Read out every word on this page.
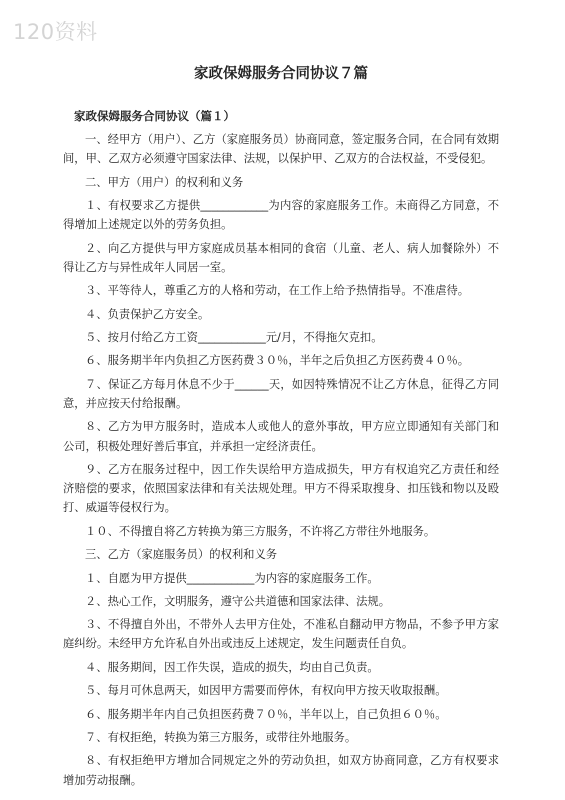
120资料
家政保姆服务合同协议７篇
家政保姆服务合同协议（篇１）

一、经甲方（用户）、乙方（家庭服务员）协商同意，签定服务合同，在合同有效期间，甲、乙双方必须遵守国家法律、法规，以保护甲、乙双方的合法权益，不受侵犯。

二、甲方（用户）的权利和义务

１、有权要求乙方提供____________为内容的家庭服务工作。未商得乙方同意，不得增加上述规定以外的劳务负担。

２、向乙方提供与甲方家庭成员基本相同的食宿（儿童、老人、病人加餐除外）不得让乙方与异性成年人同居一室。

３、平等待人，尊重乙方的人格和劳动，在工作上给予热情指导。不准虐待。

４、负责保护乙方安全。

５、按月付给乙方工资____________元/月，不得拖欠克扣。

６、服务期半年内负担乙方医药费３０％，半年之后负担乙方医药费４０％。

７、保证乙方每月休息不少于______天，如因特殊情况不让乙方休息，征得乙方同意，并应按天付给报酬。

８、乙方为甲方服务时，造成本人或他人的意外事故，甲方应立即通知有关部门和公司，积极处理好善后事宜，并承担一定经济责任。

９、乙方在服务过程中，因工作失误给甲方造成损失，甲方有权追究乙方责任和经济赔偿的要求，依照国家法律和有关法规处理。甲方不得采取搜身、扣压钱和物以及殴打、威逼等侵权行为。

１０、不得擅自将乙方转换为第三方服务，不许将乙方带往外地服务。

三、乙方（家庭服务员）的权利和义务

１、自愿为甲方提供____________为内容的家庭服务工作。

２、热心工作，文明服务，遵守公共道德和国家法律、法规。

３、不得擅自外出，不带外人去甲方住处，不准私自翻动甲方物品，不参予甲方家庭纠纷。未经甲方允许私自外出或违反上述规定，发生问题责任自负。

４、服务期间，因工作失误，造成的损失，均由自己负责。

５、每月可休息两天，如因甲方需要而停休，有权向甲方按天收取报酬。

６、服务期半年内自己负担医药费７０％，半年以上，自己负担６０％。

７、有权拒绝，转换为第三方服务，或带往外地服务。

８、有权拒绝甲方增加合同规定之外的劳动负担，如双方协商同意，乙方有权要求增加劳动报酬。
